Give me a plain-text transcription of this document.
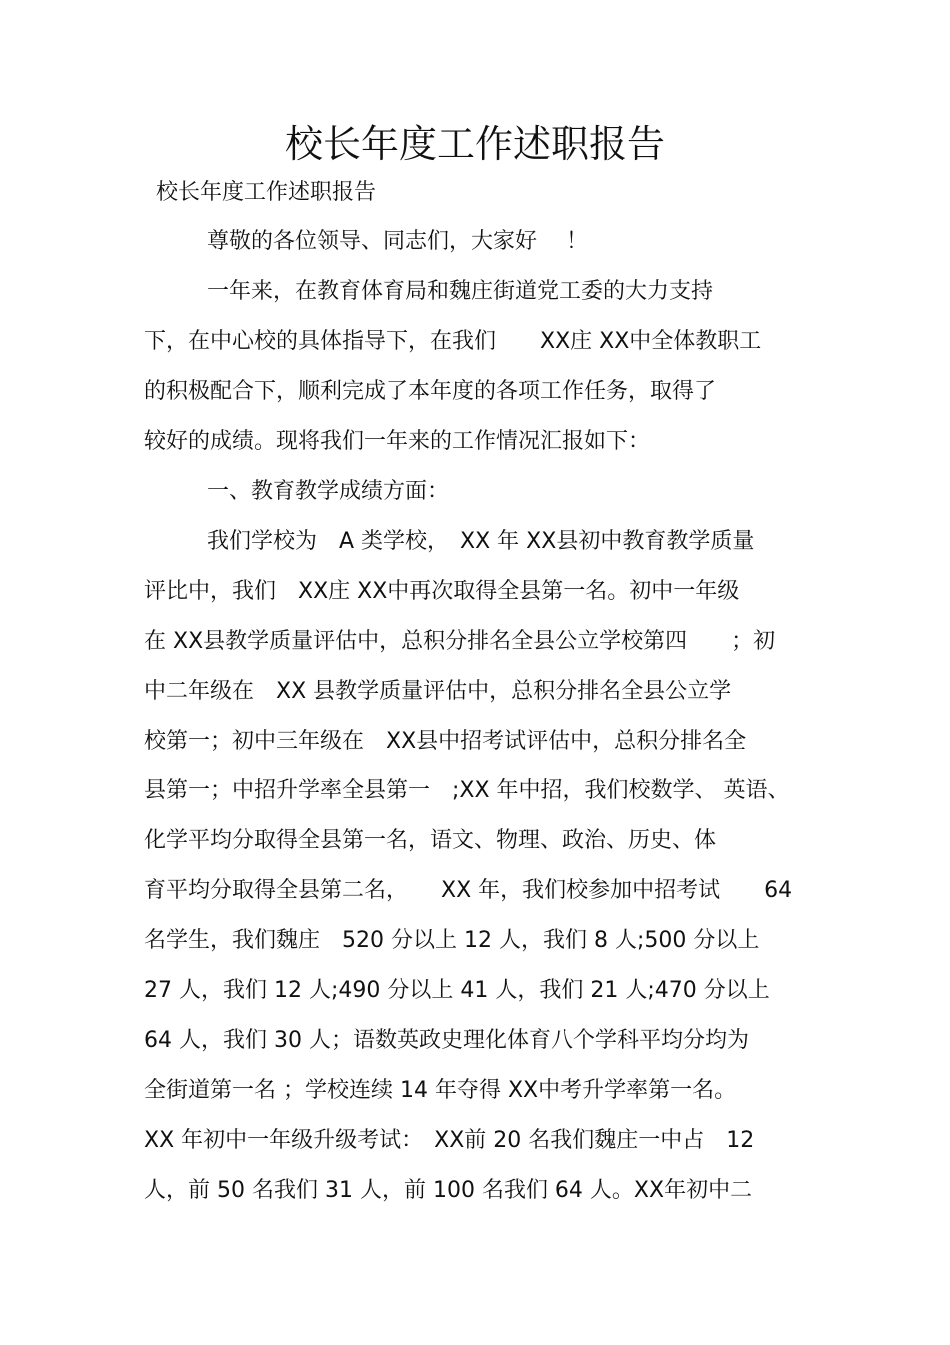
校长年度工作述职报告
校长年度工作述职报告
尊敬的各位领导、同志们，大家好　 ！
一年来，在教育体育局和魏庄街道党工委的大力支持
下，在中心校的具体指导下，在我们　　XX庄 XX中全体教职工
的积极配合下，顺利完成了本年度的各项工作任务，取得了
较好的成绩。现将我们一年来的工作情况汇报如下：
一、教育教学成绩方面：
我们学校为　A 类学校，　XX 年 XX县初中教育教学质量
评比中，我们　XX庄 XX中再次取得全县第一名。初中一年级
在 XX县教学质量评估中，总积分排名全县公立学校第四　　；初
中二年级在　XX 县教学质量评估中，总积分排名全县公立学
校第一；初中三年级在　XX县中招考试评估中，总积分排名全
县第一；中招升学率全县第一　;XX 年中招，我们校数学、 英语、
化学平均分取得全县第一名，语文、物理、政治、历史、体
育平均分取得全县第二名，　　XX 年，我们校参加中招考试　　64
名学生，我们魏庄　520 分以上 12 人，我们 8 人;500 分以上
27 人，我们 12 人;490 分以上 41 人，我们 21 人;470 分以上
64 人，我们 30 人；语数英政史理化体育八个学科平均分均为
全街道第一名 ；学校连续 14 年夺得 XX中考升学率第一名。
XX 年初中一年级升级考试：　XX前 20 名我们魏庄一中占　12
人，前 50 名我们 31 人，前 100 名我们 64 人。XX年初中二
